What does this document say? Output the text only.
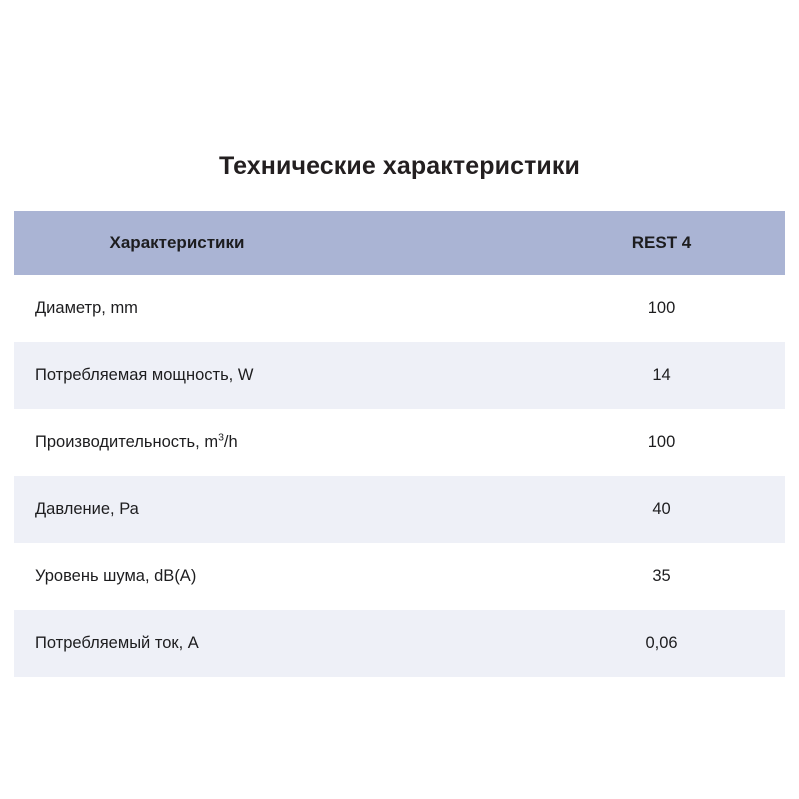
Технические характеристики
Характеристики	REST 4
Диаметр, mm	100
Потребляемая мощность, W	14
Производительность, $m^3/h$	100
Давление, Ра	40
Уровень шума, dB(A)	35
Потребляемый ток, А	0,06
